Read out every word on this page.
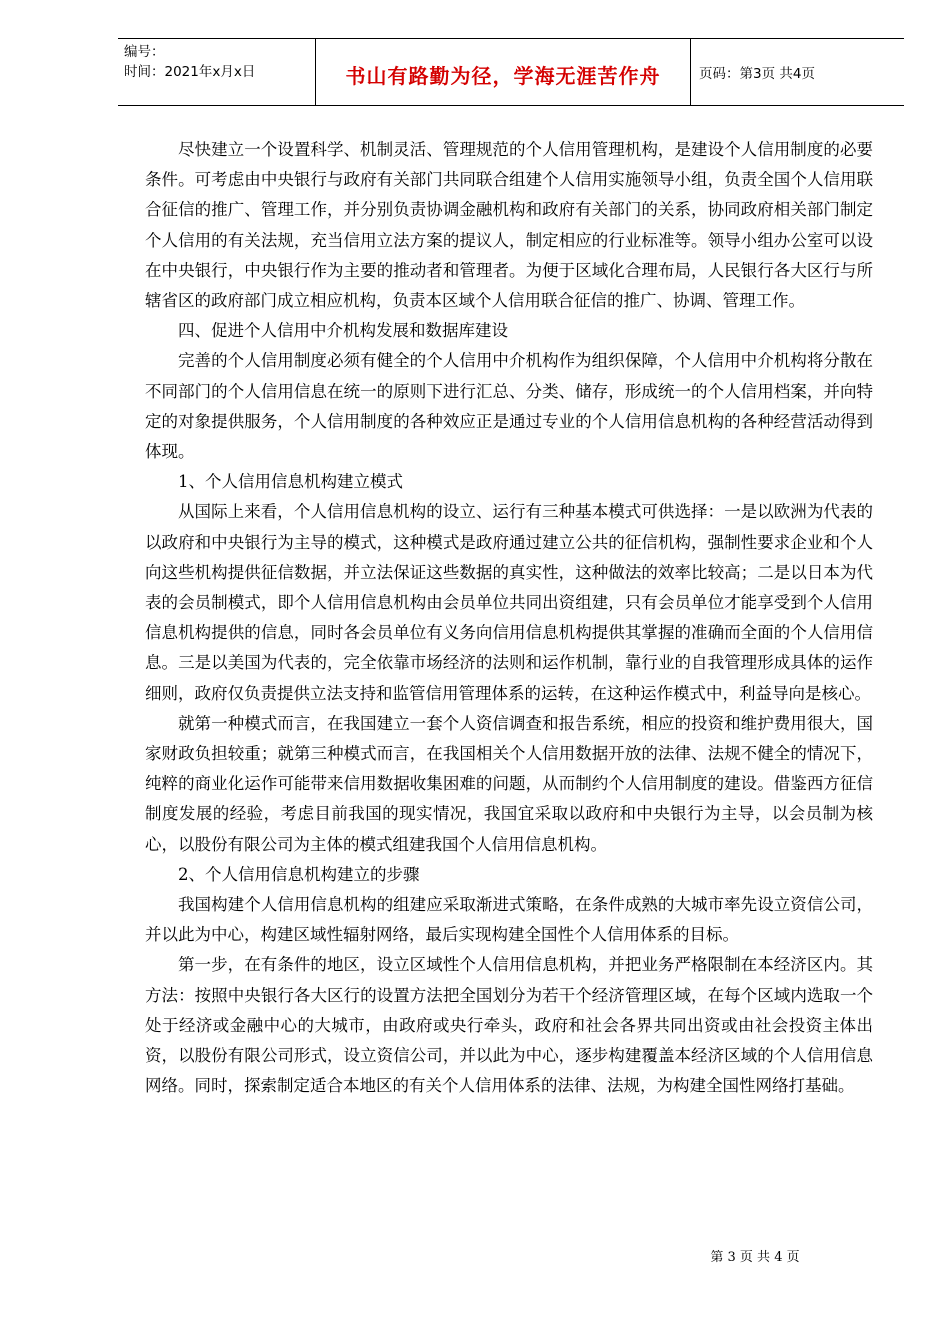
编号：
时间：2021年x月x日	书山有路勤为径，学海无涯苦作舟	页码：第3页 共4页

尽快建立一个设置科学、机制灵活、管理规范的个人信用管理机构，是建设个人信用制度的必要条件。可考虑由中央银行与政府有关部门共同联合组建个人信用实施领导小组，负责全国个人信用联合征信的推广、管理工作，并分别负责协调金融机构和政府有关部门的关系，协同政府相关部门制定个人信用的有关法规，充当信用立法方案的提议人，制定相应的行业标准等。领导小组办公室可以设在中央银行，中央银行作为主要的推动者和管理者。为便于区域化合理布局，人民银行各大区行与所辖省区的政府部门成立相应机构，负责本区域个人信用联合征信的推广、协调、管理工作。

四、促进个人信用中介机构发展和数据库建设

完善的个人信用制度必须有健全的个人信用中介机构作为组织保障，个人信用中介机构将分散在不同部门的个人信用信息在统一的原则下进行汇总、分类、储存，形成统一的个人信用档案，并向特定的对象提供服务，个人信用制度的各种效应正是通过专业的个人信用信息机构的各种经营活动得到体现。

1、个人信用信息机构建立模式

从国际上来看，个人信用信息机构的设立、运行有三种基本模式可供选择：一是以欧洲为代表的以政府和中央银行为主导的模式，这种模式是政府通过建立公共的征信机构，强制性要求企业和个人向这些机构提供征信数据，并立法保证这些数据的真实性，这种做法的效率比较高；二是以日本为代表的会员制模式，即个人信用信息机构由会员单位共同出资组建，只有会员单位才能享受到个人信用信息机构提供的信息，同时各会员单位有义务向信用信息机构提供其掌握的准确而全面的个人信用信息。三是以美国为代表的，完全依靠市场经济的法则和运作机制，靠行业的自我管理形成具体的运作细则，政府仅负责提供立法支持和监管信用管理体系的运转，在这种运作模式中，利益导向是核心。

就第一种模式而言，在我国建立一套个人资信调查和报告系统，相应的投资和维护费用很大，国家财政负担较重；就第三种模式而言，在我国相关个人信用数据开放的法律、法规不健全的情况下，纯粹的商业化运作可能带来信用数据收集困难的问题，从而制约个人信用制度的建设。借鉴西方征信制度发展的经验，考虑目前我国的现实情况，我国宜采取以政府和中央银行为主导，以会员制为核心，以股份有限公司为主体的模式组建我国个人信用信息机构。

2、个人信用信息机构建立的步骤

我国构建个人信用信息机构的组建应采取渐进式策略，在条件成熟的大城市率先设立资信公司，并以此为中心，构建区域性辐射网络，最后实现构建全国性个人信用体系的目标。

第一步，在有条件的地区，设立区域性个人信用信息机构，并把业务严格限制在本经济区内。其方法：按照中央银行各大区行的设置方法把全国划分为若干个经济管理区域，在每个区域内选取一个处于经济或金融中心的大城市，由政府或央行牵头，政府和社会各界共同出资或由社会投资主体出资，以股份有限公司形式，设立资信公司，并以此为中心，逐步构建覆盖本经济区域的个人信用信息网络。同时，探索制定适合本地区的有关个人信用体系的法律、法规，为构建全国性网络打基础。

第 3 页 共 4 页
